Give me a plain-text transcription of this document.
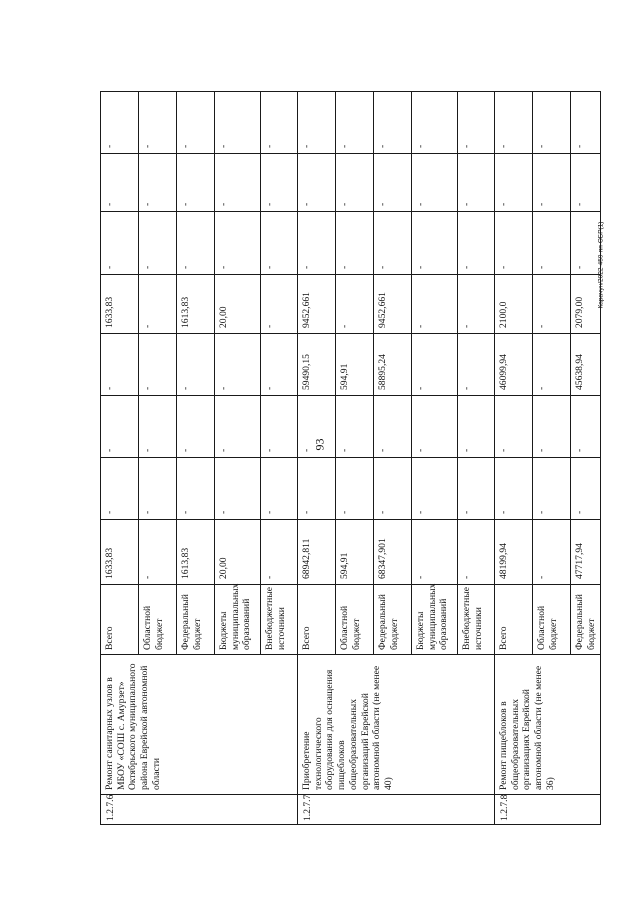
93
Карачун/2022-459-пп-ОБР(1)
1.2.7.6	Ремонт санитарных узлов в МБОУ «СОШ с. Амурзет» Октябрьского муниципального района Еврейской автономной области	Всего	1633,83	-	-	-	1633,83	-	-	-
		Областной бюджет	-	-	-	-	-	-	-	-
		Федеральный бюджет	1613,83	-	-	-	1613,83	-	-	-
		Бюджеты муниципальных образований	20,00	-	-	-	20,00	-	-	-
		Внебюджетные источники	-	-	-	-	-	-	-	-
1.2.7.7	Приобретение технологического оборудования для оснащения пищеблоков общеобразовательных организаций Еврейской автономной области (не менее 40)	Всего	68942,811	-	-	59490,15	9452,661	-	-	-
		Областной бюджет	594,91	-	-	594,91	-	-	-	-
		Федеральный бюджет	68347,901	-	-	58895,24	9452,661	-	-	-
		Бюджеты муниципальных образований	-	-	-	-	-	-	-	-
		Внебюджетные источники	-	-	-	-	-	-	-	-
1.2.7.8	Ремонт пищеблоков в общеобразовательных организациях Еврейской автономной области (не менее 36)	Всего	48199,94	-	-	46099,94	2100,0	-	-	-
		Областной бюджет	-	-	-	-	-	-	-	-
		Федеральный бюджет	47717,94	-	-	45638,94	2079,00	-	-	-
